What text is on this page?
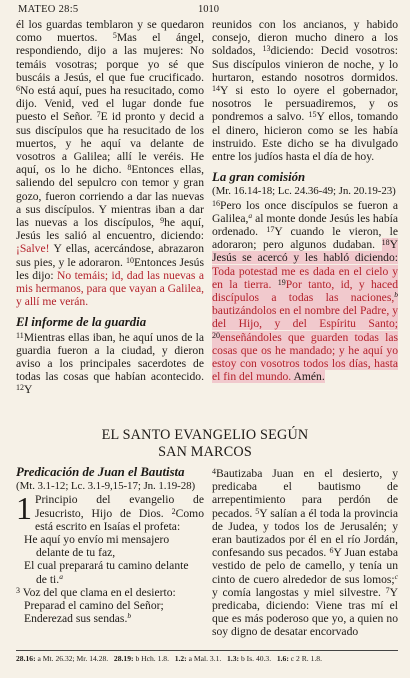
MATEO 28:5	1010

él los guardas temblaron y se quedaron como muertos. $^5$Mas el ángel, respondiendo, dijo a las mujeres: No temáis vosotras; porque yo sé que buscáis a Jesús, el que fue crucificado. $^6$No está aquí, pues ha resucitado, como dijo. Venid, ved el lugar donde fue puesto el Señor. $^7$E id pronto y decid a sus discípulos que ha resucitado de los muertos, y he aquí va delante de vosotros a Galilea; allí le veréis. He aquí, os lo he dicho. $^8$Entonces ellas, saliendo del sepulcro con temor y gran gozo, fueron corriendo a dar las nuevas a sus discípulos. Y mientras iban a dar las nuevas a los discípulos, $^9$he aquí, Jesús les salió al encuentro, diciendo: ¡Salve! Y ellas, acercándose, abrazaron sus pies, y le adoraron. $^{10}$Entonces Jesús les dijo: No temáis; id, dad las nuevas a mis hermanos, para que vayan a Galilea, y allí me verán.

El informe de la guardia

$^{11}$Mientras ellas iban, he aquí unos de la guardia fueron a la ciudad, y dieron aviso a los principales sacerdotes de todas las cosas que habían acontecido. $^{12}$Y

reunidos con los ancianos, y habido consejo, dieron mucho dinero a los soldados, $^{13}$diciendo: Decid vosotros: Sus discípulos vinieron de noche, y lo hurtaron, estando nosotros dormidos. $^{14}$Y si esto lo oyere el gobernador, nosotros le persuadiremos, y os pondremos a salvo. $^{15}$Y ellos, tomando el dinero, hicieron como se les había instruido. Este dicho se ha divulgado entre los judíos hasta el día de hoy.

La gran comisión
(Mr. 16.14-18; Lc. 24.36-49; Jn. 20.19-23)

$^{16}$Pero los once discípulos se fueron a Galilea,$^a$ al monte donde Jesús les había ordenado. $^{17}$Y cuando le vieron, le adoraron; pero algunos dudaban. $^{18}$Y Jesús se acercó y les habló diciendo: Toda potestad me es dada en el cielo y en la tierra. $^{19}$Por tanto, id, y haced discípulos a todas las naciones,$^b$ bautizándolos en el nombre del Padre, y del Hijo, y del Espíritu Santo; $^{20}$enseñándoles que guarden todas las cosas que os he mandado; y he aquí yo estoy con vosotros todos los días, hasta el fin del mundo. Amén.

EL SANTO EVANGELIO SEGÚN
SAN MARCOS
Predicación de Juan el Bautista
(Mt. 3.1-12; Lc. 3.1-9,15-17; Jn. 1.19-28)

1 Principio del evangelio de Jesucristo, Hijo de Dios. $^2$Como está escrito en Isaías el profeta:

He aquí yo envío mi mensajero
delante de tu faz,
El cual preparará tu camino delante
de ti.$^a$
$^3$ Voz del que clama en el desierto:
Preparad el camino del Señor;
Enderezad sus sendas.$^b$

$^4$Bautizaba Juan en el desierto, y predicaba el bautismo de arrepentimiento para perdón de pecados. $^5$Y salían a él toda la provincia de Judea, y todos los de Jerusalén; y eran bautizados por él en el río Jordán, confesando sus pecados. $^6$Y Juan estaba vestido de pelo de camello, y tenía un cinto de cuero alrededor de sus lomos;$^c$ y comía langostas y miel silvestre. $^7$Y predicaba, diciendo: Viene tras mí el que es más poderoso que yo, a quien no soy digno de desatar encorvado

28.16: a Mt. 26.32; Mr. 14.28. 28.19: b Hch. 1.8. 1.2: a Mal. 3.1. 1.3: b Is. 40.3. 1.6: c 2 R. 1.8.
